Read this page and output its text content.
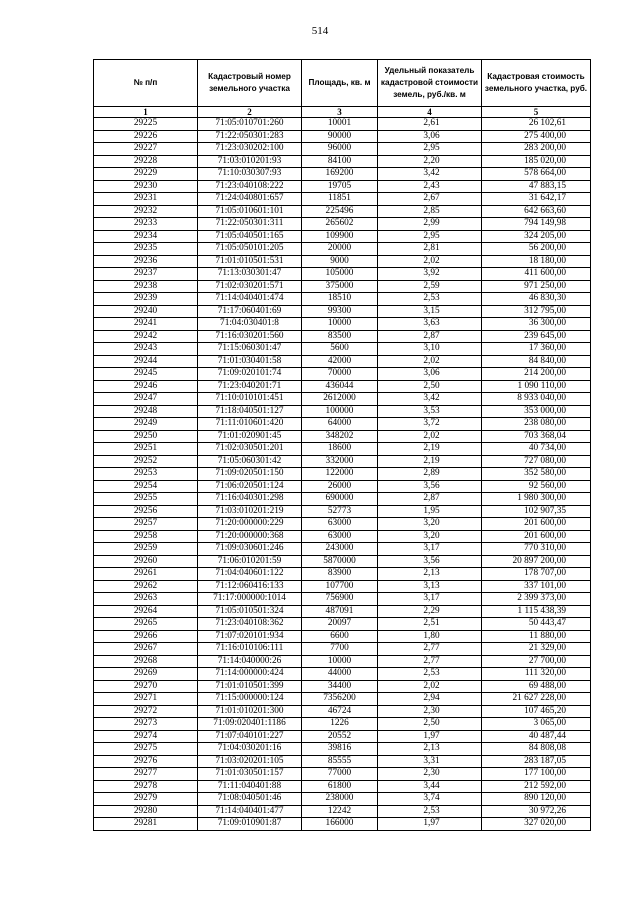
514
№ п/п	Кадастровый номер земельного участка	Площадь, кв. м	Удельный показатель кадастровой стоимости земель, руб./кв. м	Кадастровая стоимость земельного участка, руб.
1	2	3	4	5
29225	71:05:010701:260	10001	2,61	26 102,61
29226	71:22:050301:283	90000	3,06	275 400,00
29227	71:23:030202:100	96000	2,95	283 200,00
29228	71:03:010201:93	84100	2,20	185 020,00
29229	71:10:030307:93	169200	3,42	578 664,00
29230	71:23:040108:222	19705	2,43	47 883,15
29231	71:24:040801:657	11851	2,67	31 642,17
29232	71:05:010601:101	225496	2,85	642 663,60
29233	71:22:050301:311	265602	2,99	794 149,98
29234	71:05:040501:165	109900	2,95	324 205,00
29235	71:05:050101:205	20000	2,81	56 200,00
29236	71:01:010501:531	9000	2,02	18 180,00
29237	71:13:030301:47	105000	3,92	411 600,00
29238	71:02:030201:571	375000	2,59	971 250,00
29239	71:14:040401:474	18510	2,53	46 830,30
29240	71:17:060401:69	99300	3,15	312 795,00
29241	71:04:030401:8	10000	3,63	36 300,00
29242	71:16:030201:560	83500	2,87	239 645,00
29243	71:15:060301:47	5600	3,10	17 360,00
29244	71:01:030401:58	42000	2,02	84 840,00
29245	71:09:020101:74	70000	3,06	214 200,00
29246	71:23:040201:71	436044	2,50	1 090 110,00
29247	71:10:010101:451	2612000	3,42	8 933 040,00
29248	71:18:040501:127	100000	3,53	353 000,00
29249	71:11:010601:420	64000	3,72	238 080,00
29250	71:01:020901:45	348202	2,02	703 368,04
29251	71:02:030501:201	18600	2,19	40 734,00
29252	71:05:060301:42	332000	2,19	727 080,00
29253	71:09:020501:150	122000	2,89	352 580,00
29254	71:06:020501:124	26000	3,56	92 560,00
29255	71:16:040301:298	690000	2,87	1 980 300,00
29256	71:03:010201:219	52773	1,95	102 907,35
29257	71:20:000000:229	63000	3,20	201 600,00
29258	71:20:000000:368	63000	3,20	201 600,00
29259	71:09:030601:246	243000	3,17	770 310,00
29260	71:06:010201:59	5870000	3,56	20 897 200,00
29261	71:04:040601:122	83900	2,13	178 707,00
29262	71:12:060416:133	107700	3,13	337 101,00
29263	71:17:000000:1014	756900	3,17	2 399 373,00
29264	71:05:010501:324	487091	2,29	1 115 438,39
29265	71:23:040108:362	20097	2,51	50 443,47
29266	71:07:020101:934	6600	1,80	11 880,00
29267	71:16:010106:111	7700	2,77	21 329,00
29268	71:14:040000:26	10000	2,77	27 700,00
29269	71:14:000000:424	44000	2,53	111 320,00
29270	71:01:010501:399	34400	2,02	69 488,00
29271	71:15:000000:124	7356200	2,94	21 627 228,00
29272	71:01:010201:300	46724	2,30	107 465,20
29273	71:09:020401:1186	1226	2,50	3 065,00
29274	71:07:040101:227	20552	1,97	40 487,44
29275	71:04:030201:16	39816	2,13	84 808,08
29276	71:03:020201:105	85555	3,31	283 187,05
29277	71:01:030501:157	77000	2,30	177 100,00
29278	71:11:040401:88	61800	3,44	212 592,00
29279	71:08:040501:46	238000	3,74	890 120,00
29280	71:14:040401:477	12242	2,53	30 972,26
29281	71:09:010901:87	166000	1,97	327 020,00
